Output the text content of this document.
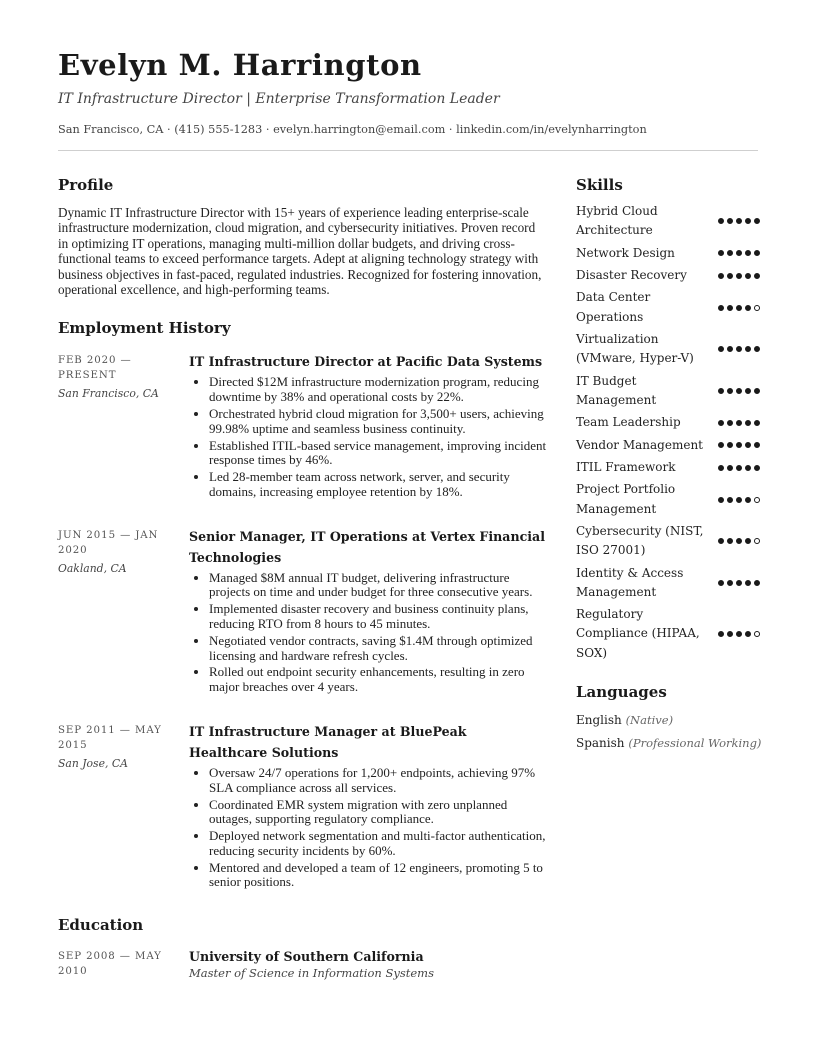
Evelyn M. Harrington
IT Infrastructure Director | Enterprise Transformation Leader
San Francisco, CA · (415) 555-1283 · evelyn.harrington@email.com · linkedin.com/in/evelynharrington
Profile

Dynamic IT Infrastructure Director with 15+ years of experience leading enterprise-scale infrastructure modernization, cloud migration, and cybersecurity initiatives. Proven record in optimizing IT operations, managing multi-million dollar budgets, and driving cross-functional teams to exceed performance targets. Adept at aligning technology strategy with business objectives in fast-paced, regulated industries. Recognized for fostering innovation, operational excellence, and high-performing teams.

Employment History
FEB 2020 — PRESENT
San Francisco, CA
IT Infrastructure Director at Pacific Data Systems
• Directed $12M infrastructure modernization program, reducing downtime by 38% and operational costs by 22%.
• Orchestrated hybrid cloud migration for 3,500+ users, achieving 99.98% uptime and seamless business continuity.
• Established ITIL-based service management, improving incident response times by 46%.
• Led 28-member team across network, server, and security domains, increasing employee retention by 18%.
JUN 2015 — JAN 2020
Oakland, CA
Senior Manager, IT Operations at Vertex Financial Technologies
• Managed $8M annual IT budget, delivering infrastructure projects on time and under budget for three consecutive years.
• Implemented disaster recovery and business continuity plans, reducing RTO from 8 hours to 45 minutes.
• Negotiated vendor contracts, saving $1.4M through optimized licensing and hardware refresh cycles.
• Rolled out endpoint security enhancements, resulting in zero major breaches over 4 years.
SEP 2011 — MAY 2015
San Jose, CA
IT Infrastructure Manager at BluePeak Healthcare Solutions
• Oversaw 24/7 operations for 1,200+ endpoints, achieving 97% SLA compliance across all services.
• Coordinated EMR system migration with zero unplanned outages, supporting regulatory compliance.
• Deployed network segmentation and multi-factor authentication, reducing security incidents by 60%.
• Mentored and developed a team of 12 engineers, promoting 5 to senior positions.
Education
SEP 2008 — MAY 2010
University of Southern California
Master of Science in Information Systems
Skills
Hybrid Cloud Architecture
Network Design
Disaster Recovery
Data Center Operations
Virtualization (VMware, Hyper-V)
IT Budget Management
Team Leadership
Vendor Management
ITIL Framework
Project Portfolio Management
Cybersecurity (NIST, ISO 27001)
Identity & Access Management
Regulatory Compliance (HIPAA, SOX)
Languages
English (Native)
Spanish (Professional Working)
